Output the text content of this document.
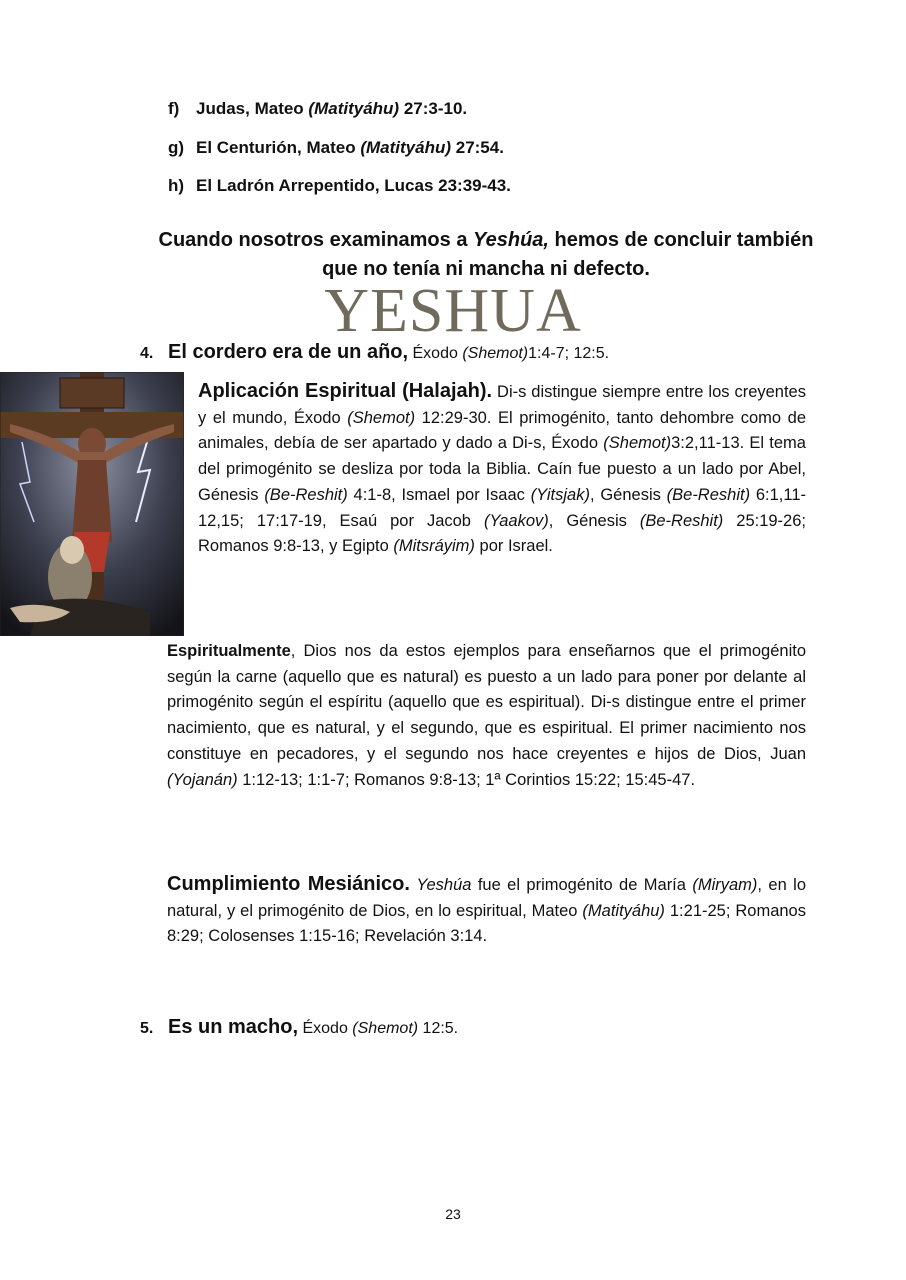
f) Judas, Mateo (Matityáhu) 27:3-10.
g) El Centurión, Mateo (Matityáhu) 27:54.
h) El Ladrón Arrepentido, Lucas 23:39-43.
Cuando nosotros examinamos a Yeshúa, hemos de concluir también que no tenía ni mancha ni defecto.
YESHUA
4. El cordero era de un año, Éxodo (Shemot)1:4-7; 12:5.
Aplicación Espiritual (Halajah). Di-s distingue siempre entre los creyentes y el mundo, Éxodo (Shemot) 12:29-30. El primogénito, tanto dehombre como de animales, debía de ser apartado y dado a Di-s, Éxodo (Shemot)3:2,11-13. El tema del primogénito se desliza por toda la Biblia. Caín fue puesto a un lado por Abel, Génesis (Be-Reshit) 4:1-8, Ismael por Isaac (Yitsjak), Génesis (Be-Reshit) 6:1,11-12,15; 17:17-19, Esaú por Jacob (Yaakov), Génesis (Be-Reshit) 25:19-26; Romanos 9:8-13, y Egipto (Mitsráyim) por Israel.
Espiritualmente, Dios nos da estos ejemplos para enseñarnos que el primogénito según la carne (aquello que es natural) es puesto a un lado para poner por delante al primogénito según el espíritu (aquello que es espiritual). Di-s distingue entre el primer nacimiento, que es natural, y el segundo, que es espiritual. El primer nacimiento nos constituye en pecadores, y el segundo nos hace creyentes e hijos de Dios, Juan (Yojanán) 1:12-13; 1:1-7; Romanos 9:8-13; 1ª Corintios 15:22; 15:45-47.
Cumplimiento Mesiánico. Yeshúa fue el primogénito de María (Miryam), en lo natural, y el primogénito de Dios, en lo espiritual, Mateo (Matityáhu) 1:21-25; Romanos 8:29; Colosenses 1:15-16; Revelación 3:14.
5. Es un macho, Éxodo (Shemot) 12:5.
23
